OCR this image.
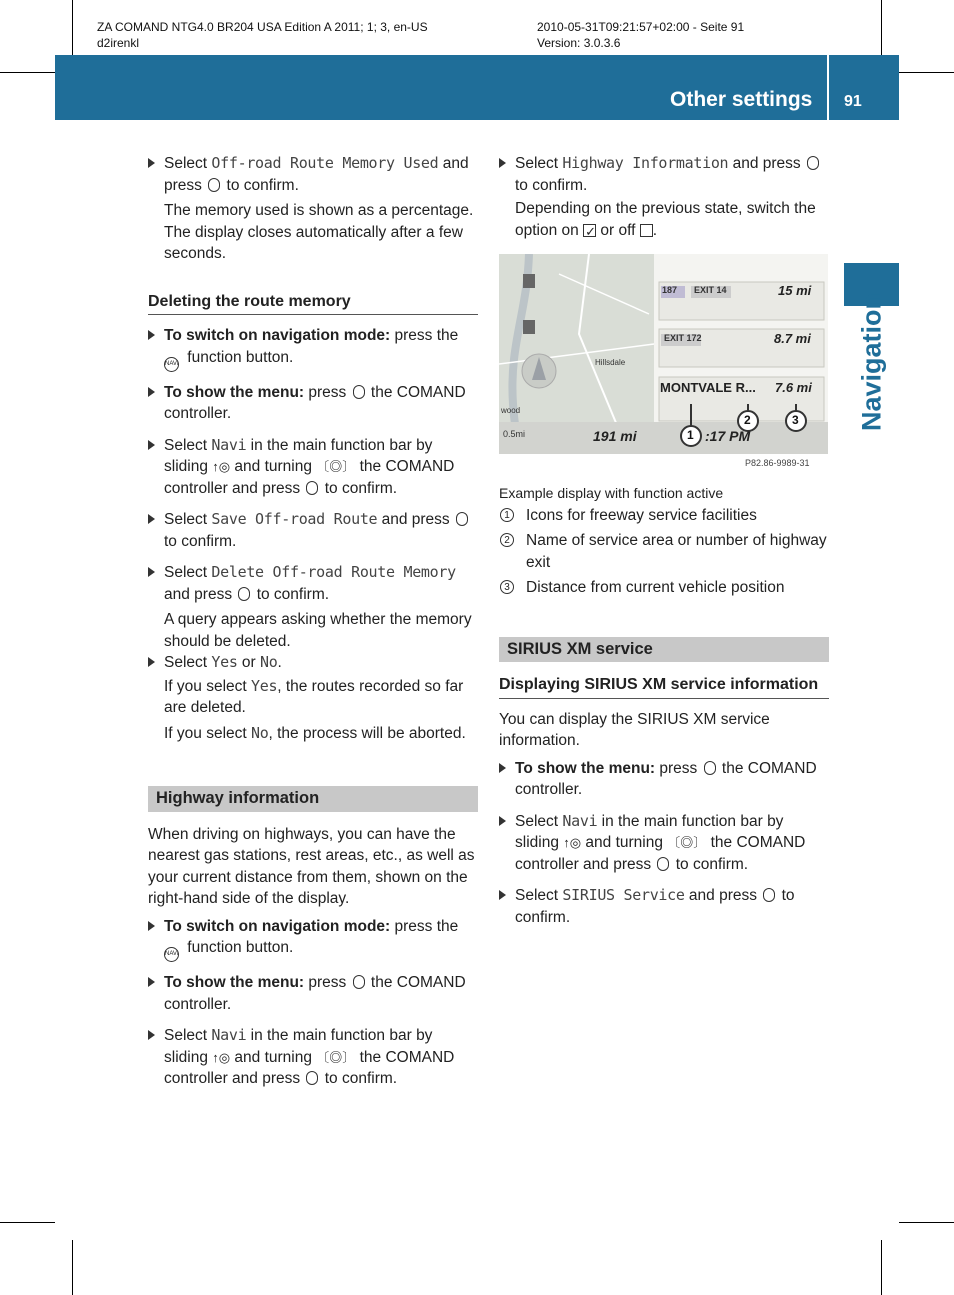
ZA COMAND NTG4.0 BR204 USA Edition A 2011; 1; 3, en-US
d2irenkl
2010-05-31T09:21:57+02:00 - Seite 91
Version: 3.0.3.6
Other settings 91
Navigation
Select Off-road Route Memory Used and press  to confirm.

The memory used is shown as a percentage. The display closes automatically after a few seconds.

Deleting the route memory
To switch on navigation mode: press the NAVI function button.
To show the menu: press  the COMAND controller.
Select Navi in the main function bar by sliding ↑◎ and turning 〔◎〕 the COMAND controller and press  to confirm.
Select Save Off-road Route and press  to confirm.
Select Delete Off-road Route Memory and press  to confirm.

A query appears asking whether the memory should be deleted.

Select Yes or No.

If you select Yes, the routes recorded so far are deleted.

If you select No, the process will be aborted.

Highway information

When driving on highways, you can have the nearest gas stations, rest areas, etc., as well as your current distance from them, shown on the right-hand side of the display.

To switch on navigation mode: press the NAVI function button.
To show the menu: press  the COMAND controller.
Select Navi in the main function bar by sliding ↑◎ and turning 〔◎〕 the COMAND controller and press  to confirm.
Select Highway Information and press  to confirm.

Depending on the previous state, switch the option on ✓ or off .

187 EXIT 14	15 mi
EXIT 172	8.7 mi
MONTVALE R... 7.6 mi
Hillsdale
wood
0.5mi	191 mi	:17 PM
1
2	3
P82.86-9989-31

Example display with function active

1 Icons for freeway service facilities
2 Name of service area or number of highway exit
3 Distance from current vehicle position
SIRIUS XM service
Displaying SIRIUS XM service information

You can display the SIRIUS XM service information.

To show the menu: press  the COMAND controller.
Select Navi in the main function bar by sliding ↑◎ and turning 〔◎〕 the COMAND controller and press  to confirm.
Select SIRIUS Service and press  to confirm.
